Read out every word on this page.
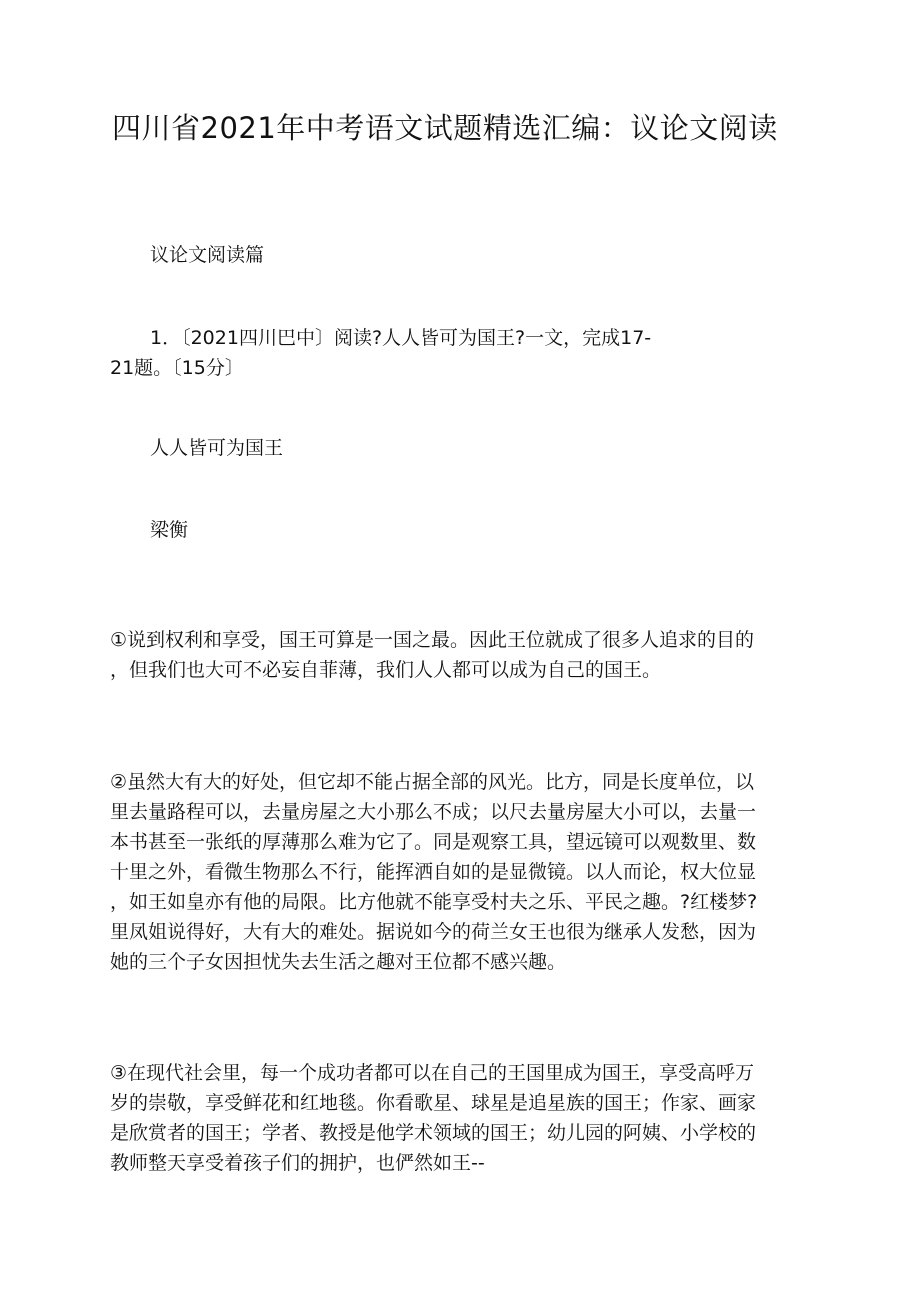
四川省2021年中考语文试题精选汇编：议论文阅读
议论文阅读篇
1．〔2021四川巴中〕阅读?人人皆可为国王?一文，完成17-
21题。〔15分〕
人人皆可为国王
梁衡
①说到权利和享受，国王可算是一国之最。因此王位就成了很多人追求的目的
，但我们也大可不必妄自菲薄，我们人人都可以成为自己的国王。
②虽然大有大的好处，但它却不能占据全部的风光。比方，同是长度单位，以
里去量路程可以，去量房屋之大小那么不成；以尺去量房屋大小可以，去量一
本书甚至一张纸的厚薄那么难为它了。同是观察工具，望远镜可以观数里、数
十里之外，看微生物那么不行，能挥洒自如的是显微镜。以人而论，权大位显
，如王如皇亦有他的局限。比方他就不能享受村夫之乐、平民之趣。?红楼梦?
里凤姐说得好，大有大的难处。据说如今的荷兰女王也很为继承人发愁，因为
她的三个子女因担忧失去生活之趣对王位都不感兴趣。
③在现代社会里，每一个成功者都可以在自己的王国里成为国王，享受高呼万
岁的崇敬，享受鲜花和红地毯。你看歌星、球星是追星族的国王；作家、画家
是欣赏者的国王；学者、教授是他学术领域的国王；幼儿园的阿姨、小学校的
教师整天享受着孩子们的拥护，也俨然如王--
